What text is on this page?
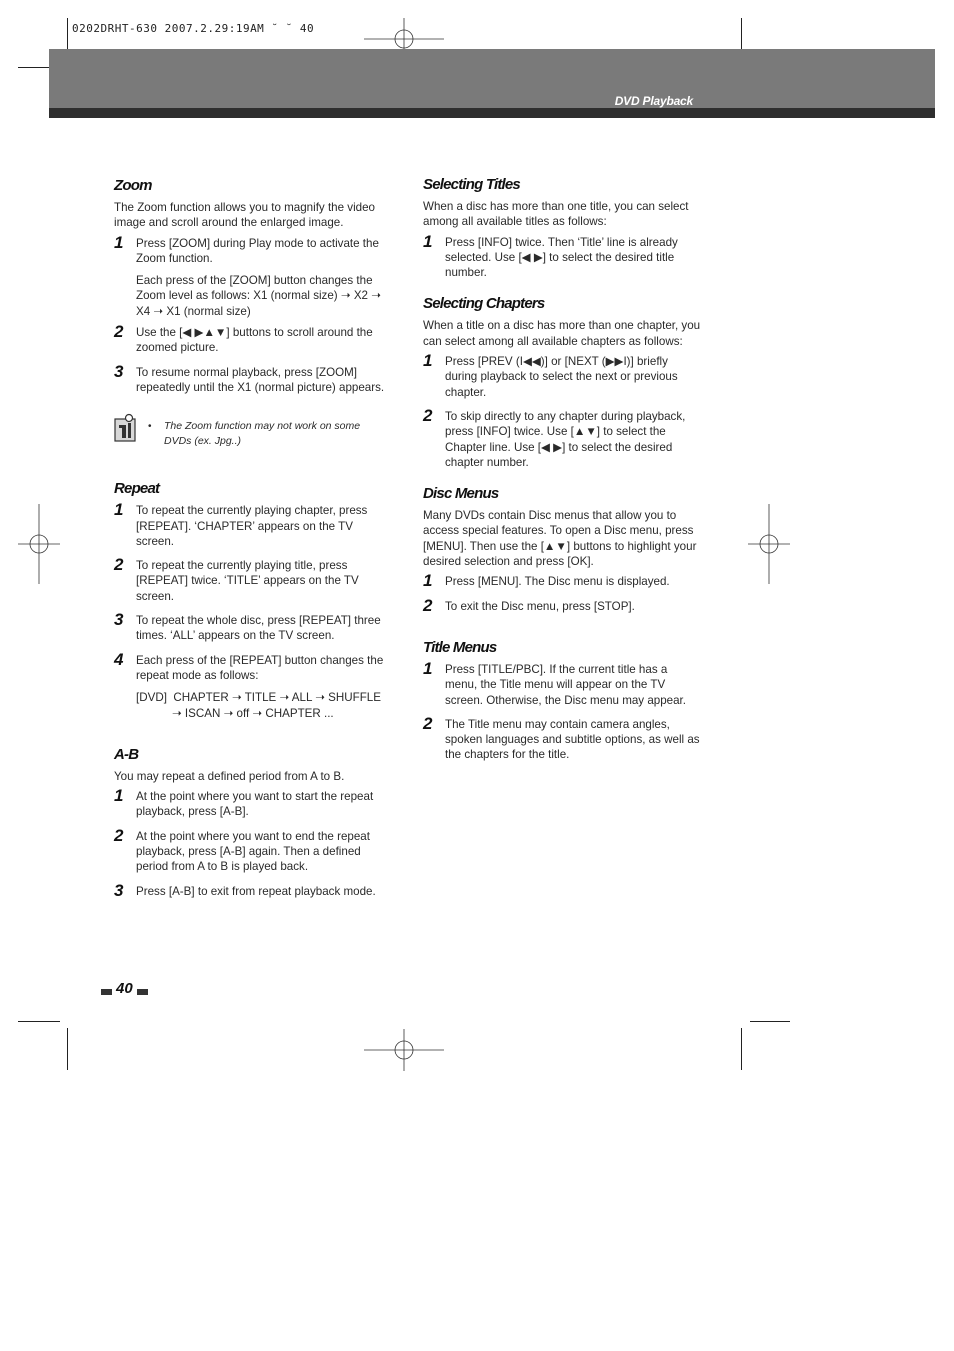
0202DRHT-630 2007.2.29:19AM ˘ ˘ 40
DVD Playback
Zoom

The Zoom function allows you to magnify the video image and scroll around the enlarged image.

1 Press [ZOOM] during Play mode to activate the Zoom function.

Each press of the [ZOOM] button changes the Zoom level as follows: X1 (normal size) ➝ X2 ➝ X4 ➝ X1 (normal size)

2 Use the [◀ ▶▲▼] buttons to scroll around the zoomed picture.

3 To resume normal playback, press [ZOOM] repeatedly until the X1 (normal picture) appears.

• The Zoom function may not work on some DVDs (ex. Jpg..)

Repeat
1 To repeat the currently playing chapter, press [REPEAT]. ‘CHAPTER’ appears on the TV screen.

2 To repeat the currently playing title, press [REPEAT] twice. ‘TITLE’ appears on the TV screen.

3 To repeat the whole disc, press [REPEAT] three times. ‘ALL’ appears on the TV screen.

4 Each press of the [REPEAT] button changes the repeat mode as follows:

[DVD]  CHAPTER ➝ TITLE ➝ ALL ➝ SHUFFLE

➝ ISCAN ➝ off ➝ CHAPTER ...

A-B

You may repeat a defined period from A to B.

1 At the point where you want to start the repeat playback, press [A-B].

2 At the point where you want to end the repeat playback, press [A-B] again. Then a defined period from A to B is played back.

3 Press [A-B] to exit from repeat playback mode.

Selecting Titles

When a disc has more than one title, you can select among all available titles as follows:

1 Press [INFO] twice. Then ‘Title’ line is already selected. Use [◀ ▶] to select the desired title number.

Selecting Chapters

When a title on a disc has more than one chapter, you can select among all available chapters as follows:

1 Press [PREV (I◀◀)] or [NEXT (▶▶I)] briefly during playback to select the next or previous chapter.

2 To skip directly to any chapter during playback, press [INFO] twice. Use [▲▼] to select the Chapter line. Use [◀ ▶] to select the desired chapter number.

Disc Menus

Many DVDs contain Disc menus that allow you to access special features. To open a Disc menu, press [MENU]. Then use the [▲▼] buttons to highlight your desired selection and press [OK].

1 Press [MENU]. The Disc menu is displayed.

2 To exit the Disc menu, press [STOP].

Title Menus
1 Press [TITLE/PBC]. If the current title has a menu, the Title menu will appear on the TV screen. Otherwise, the Disc menu may appear.

2 The Title menu may contain camera angles, spoken languages and subtitle options, as well as the chapters for the title.

40
